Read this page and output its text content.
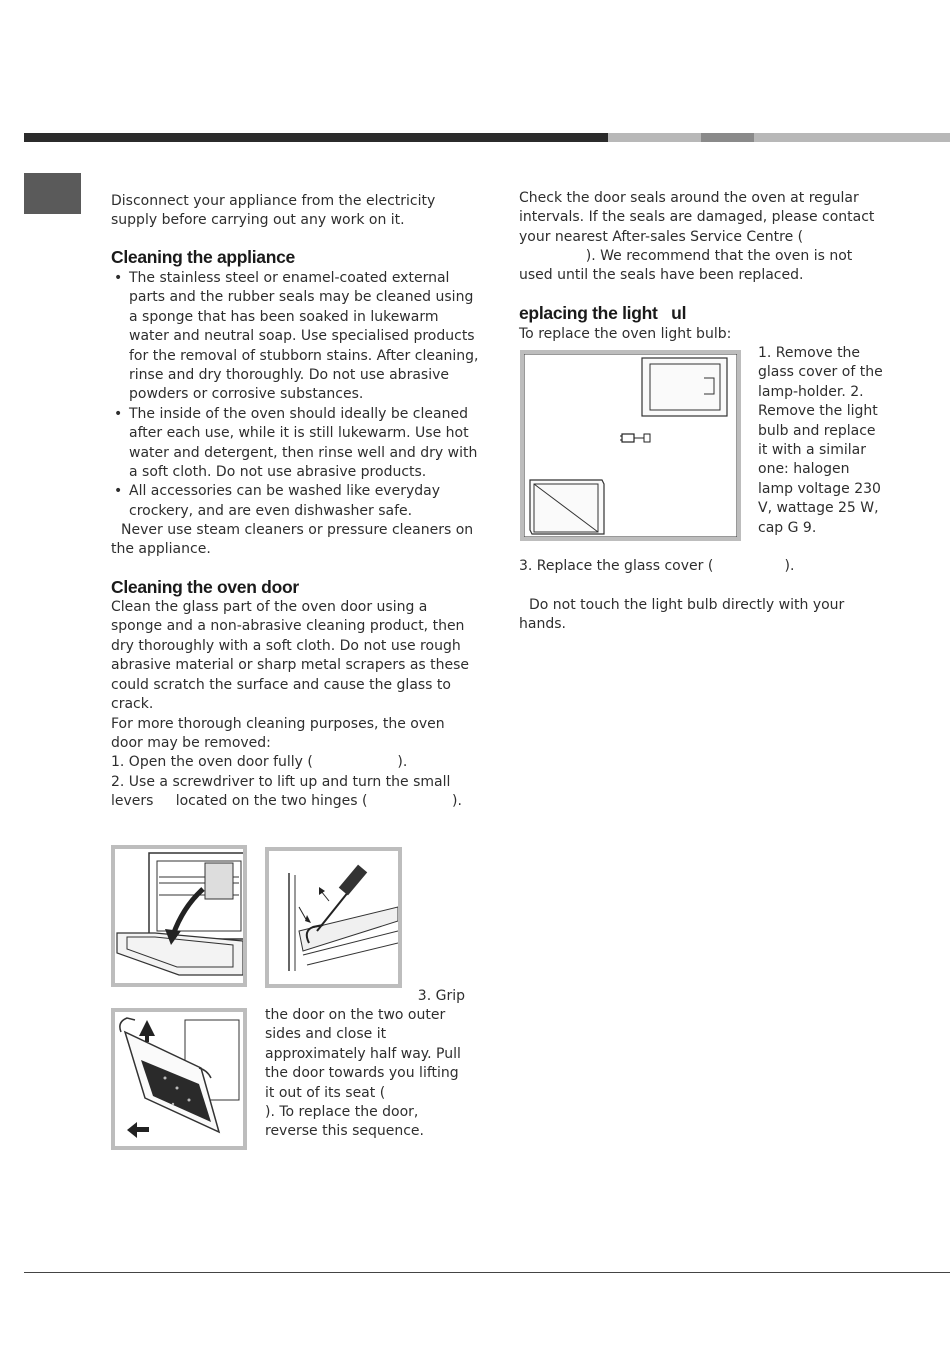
Disconnect your appliance from the electricity

supply before carrying out any work on it.

Cleaning the appliance
• The stainless steel or enamel-coated external parts and the rubber seals may be cleaned using a sponge that has been soaked in lukewarm water and neutral soap. Use specialised products for the removal of stubborn stains. After cleaning, rinse and dry thoroughly. Do not use abrasive powders or corrosive substances.
• The inside of the oven should ideally be cleaned after each use, while it is still lukewarm. Use hot water and detergent, then rinse well and dry with a soft cloth. Do not use abrasive products.
• All accessories can be washed like everyday crockery, and are even dishwasher safe.

Never use steam cleaners or pressure cleaners on the appliance.

Cleaning the oven door

Clean the glass part of the oven door using a sponge and a non-abrasive cleaning product, then dry thoroughly with a soft cloth. Do not use rough abrasive material or sharp metal scrapers as these could scratch the surface and cause the glass to crack.

For more thorough cleaning purposes, the oven door may be removed:

1. Open the oven door fully (                   ).

2. Use a screwdriver to lift up and turn the small

levers     located on the two hinges (                   ).

3. Grip

the door on the two outer sides and close it approximately half way. Pull the door towards you lifting it out of its seat (                  ). To replace the door, reverse this sequence.

Check the door seals around the oven at regular intervals. If the seals are damaged, please contact your nearest After-sales Service Centre (

). We recommend that the oven is not used until the seals have been replaced.

eplacing the light   ul

To replace the oven light bulb:

1. Remove the glass cover of the lamp-holder. 2. Remove the light bulb and replace it with a similar one: halogen lamp voltage 230 V, wattage 25 W, cap G 9.

3. Replace the glass cover (                ).

Do not touch the light bulb directly with your hands.
